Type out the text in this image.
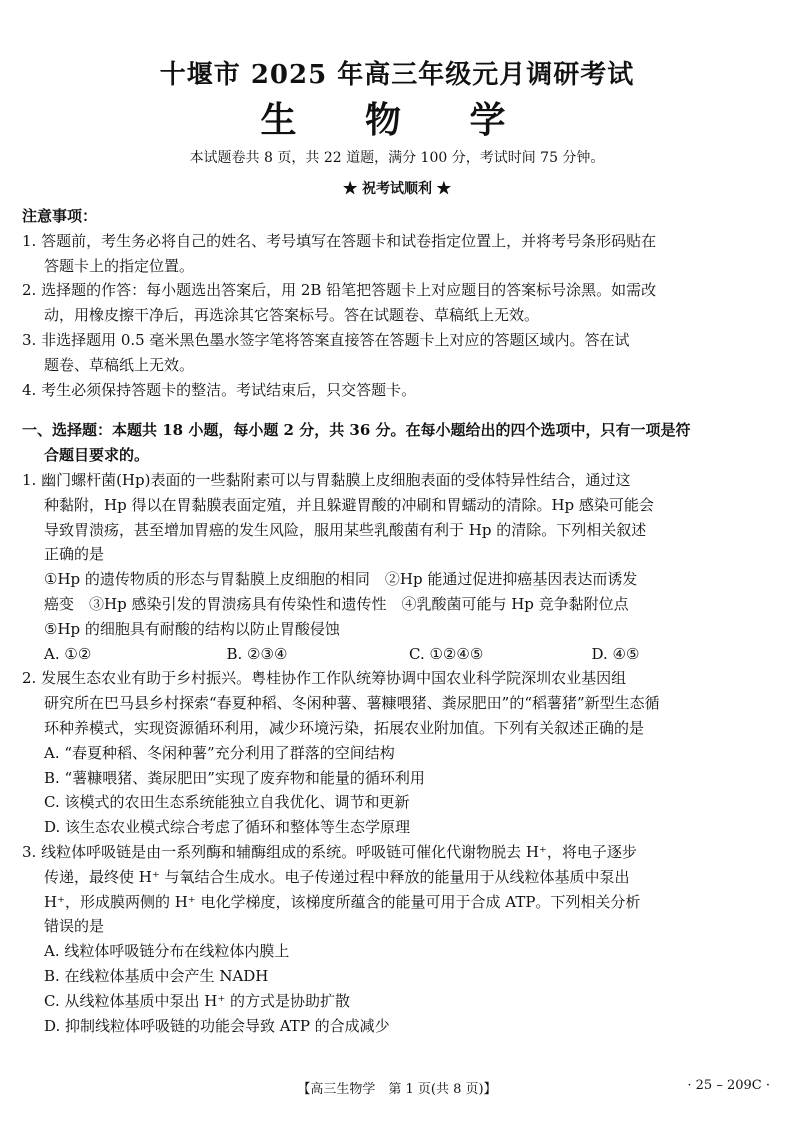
十堰市 2025 年高三年级元月调研考试
生 物 学
本试题卷共 8 页，共 22 道题，满分 100 分，考试时间 75 分钟。
★ 祝考试顺利 ★
注意事项：
1. 答题前，考生务必将自己的姓名、考号填写在答题卡和试卷指定位置上，并将考号条形码贴在
答题卡上的指定位置。
2. 选择题的作答：每小题选出答案后，用 2B 铅笔把答题卡上对应题目的答案标号涂黑。如需改
动，用橡皮擦干净后，再选涂其它答案标号。答在试题卷、草稿纸上无效。
3. 非选择题用 0.5 毫米黑色墨水签字笔将答案直接答在答题卡上对应的答题区域内。答在试
题卷、草稿纸上无效。
4. 考生必须保持答题卡的整洁。考试结束后，只交答题卡。
一、选择题：本题共 18 小题，每小题 2 分，共 36 分。在每小题给出的四个选项中，只有一项是符
合题目要求的。
1. 幽门螺杆菌(Hp)表面的一些黏附素可以与胃黏膜上皮细胞表面的受体特异性结合，通过这
种黏附，Hp 得以在胃黏膜表面定殖，并且躲避胃酸的冲刷和胃蠕动的清除。Hp 感染可能会
导致胃溃疡，甚至增加胃癌的发生风险，服用某些乳酸菌有利于 Hp 的清除。下列相关叙述
正确的是
①Hp 的遗传物质的形态与胃黏膜上皮细胞的相同　②Hp 能通过促进抑癌基因表达而诱发
癌变　③Hp 感染引发的胃溃疡具有传染性和遗传性　④乳酸菌可能与 Hp 竞争黏附位点
⑤Hp 的细胞具有耐酸的结构以防止胃酸侵蚀
A. ①②	B. ②③④	C. ①②④⑤	D. ④⑤
2. 发展生态农业有助于乡村振兴。粤桂协作工作队统筹协调中国农业科学院深圳农业基因组
研究所在巴马县乡村探索“春夏种稻、冬闲种薯、薯糠喂猪、粪尿肥田”的“稻薯猪”新型生态循
环种养模式，实现资源循环利用，减少环境污染，拓展农业附加值。下列有关叙述正确的是
A. “春夏种稻、冬闲种薯”充分利用了群落的空间结构
B. “薯糠喂猪、粪尿肥田”实现了废弃物和能量的循环利用
C. 该模式的农田生态系统能独立自我优化、调节和更新
D. 该生态农业模式综合考虑了循环和整体等生态学原理
3. 线粒体呼吸链是由一系列酶和辅酶组成的系统。呼吸链可催化代谢物脱去 H⁺，将电子逐步
传递，最终使 H⁺ 与氧结合生成水。电子传递过程中释放的能量用于从线粒体基质中泵出
H⁺，形成膜两侧的 H⁺ 电化学梯度，该梯度所蕴含的能量可用于合成 ATP。下列相关分析
错误的是
A. 线粒体呼吸链分布在线粒体内膜上
B. 在线粒体基质中会产生 NADH
C. 从线粒体基质中泵出 H⁺ 的方式是协助扩散
D. 抑制线粒体呼吸链的功能会导致 ATP 的合成减少
【高三生物学　第 1 页(共 8 页)】	· 25 – 209C ·
